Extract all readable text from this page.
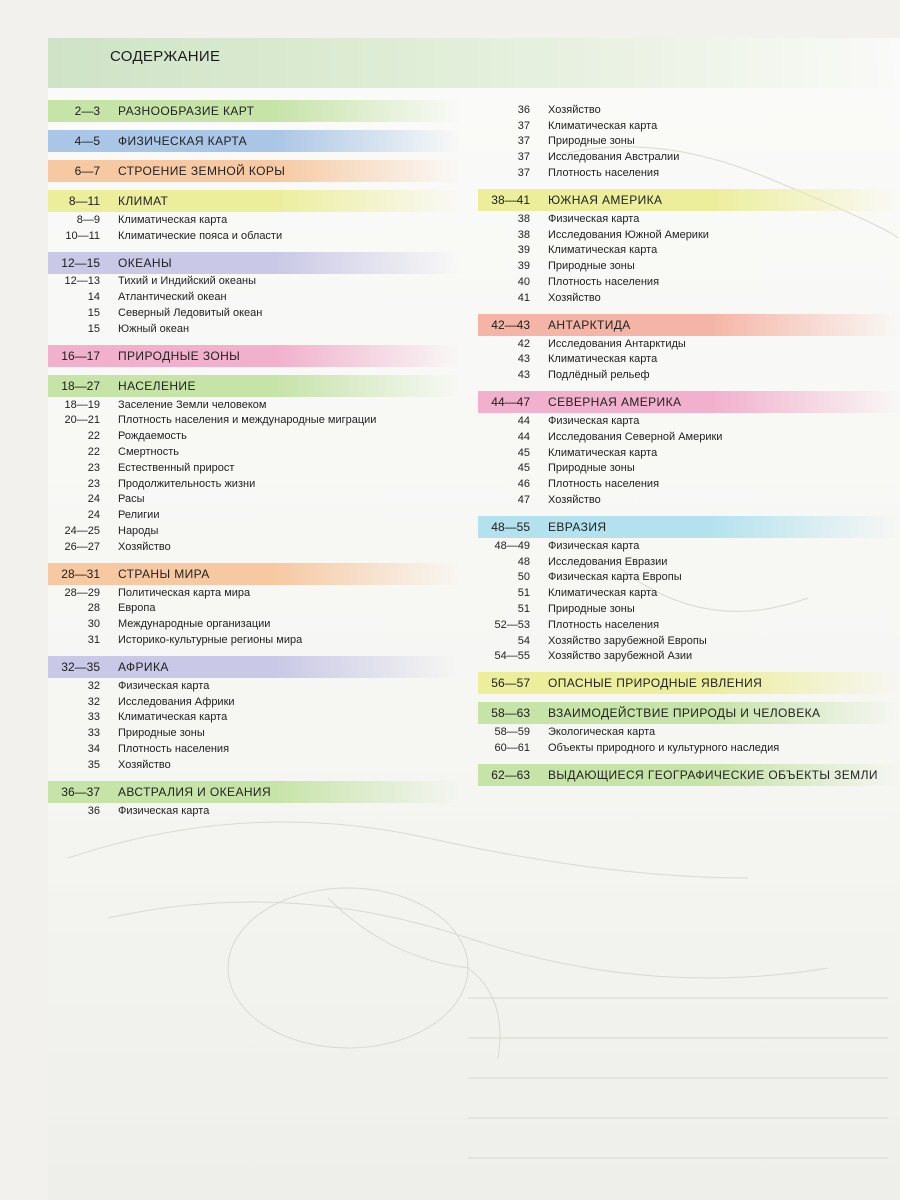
СОДЕРЖАНИЕ
2—3 РАЗНООБРАЗИЕ КАРТ
4—5 ФИЗИЧЕСКАЯ КАРТА
6—7 СТРОЕНИЕ ЗЕМНОЙ КОРЫ
8—11 КЛИМАТ
8—9 Климатическая карта
10—11 Климатические пояса и области
12—15 ОКЕАНЫ
12—13 Тихий и Индийский океаны
14 Атлантический океан
15 Северный Ледовитый океан
15 Южный океан
16—17 ПРИРОДНЫЕ ЗОНЫ
18—27 НАСЕЛЕНИЕ
18—19 Заселение Земли человеком
20—21 Плотность населения и международные миграции
22 Рождаемость
22 Смертность
23 Естественный прирост
23 Продолжительность жизни
24 Расы
24 Религии
24—25 Народы
26—27 Хозяйство
28—31 СТРАНЫ МИРА
28—29 Политическая карта мира
28 Европа
30 Международные организации
31 Историко-культурные регионы мира
32—35 АФРИКА
32 Физическая карта
32 Исследования Африки
33 Климатическая карта
33 Природные зоны
34 Плотность населения
35 Хозяйство
36—37 АВСТРАЛИЯ И ОКЕАНИЯ
36 Физическая карта
36 Хозяйство
37 Климатическая карта
37 Природные зоны
37 Исследования Австралии
37 Плотность населения
38—41 ЮЖНАЯ АМЕРИКА
38 Физическая карта
38 Исследования Южной Америки
39 Климатическая карта
39 Природные зоны
40 Плотность населения
41 Хозяйство
42—43 АНТАРКТИДА
42 Исследования Антарктиды
43 Климатическая карта
43 Подлёдный рельеф
44—47 СЕВЕРНАЯ АМЕРИКА
44 Физическая карта
44 Исследования Северной Америки
45 Климатическая карта
45 Природные зоны
46 Плотность населения
47 Хозяйство
48—55 ЕВРАЗИЯ
48—49 Физическая карта
48 Исследования Евразии
50 Физическая карта Европы
51 Климатическая карта
51 Природные зоны
52—53 Плотность населения
54 Хозяйство зарубежной Европы
54—55 Хозяйство зарубежной Азии
56—57 ОПАСНЫЕ ПРИРОДНЫЕ ЯВЛЕНИЯ
58—63 ВЗАИМОДЕЙСТВИЕ ПРИРОДЫ И ЧЕЛОВЕКА
58—59 Экологическая карта
60—61 Объекты природного и культурного наследия
62—63 ВЫДАЮЩИЕСЯ ГЕОГРАФИЧЕСКИЕ ОБЪЕКТЫ ЗЕМЛИ
